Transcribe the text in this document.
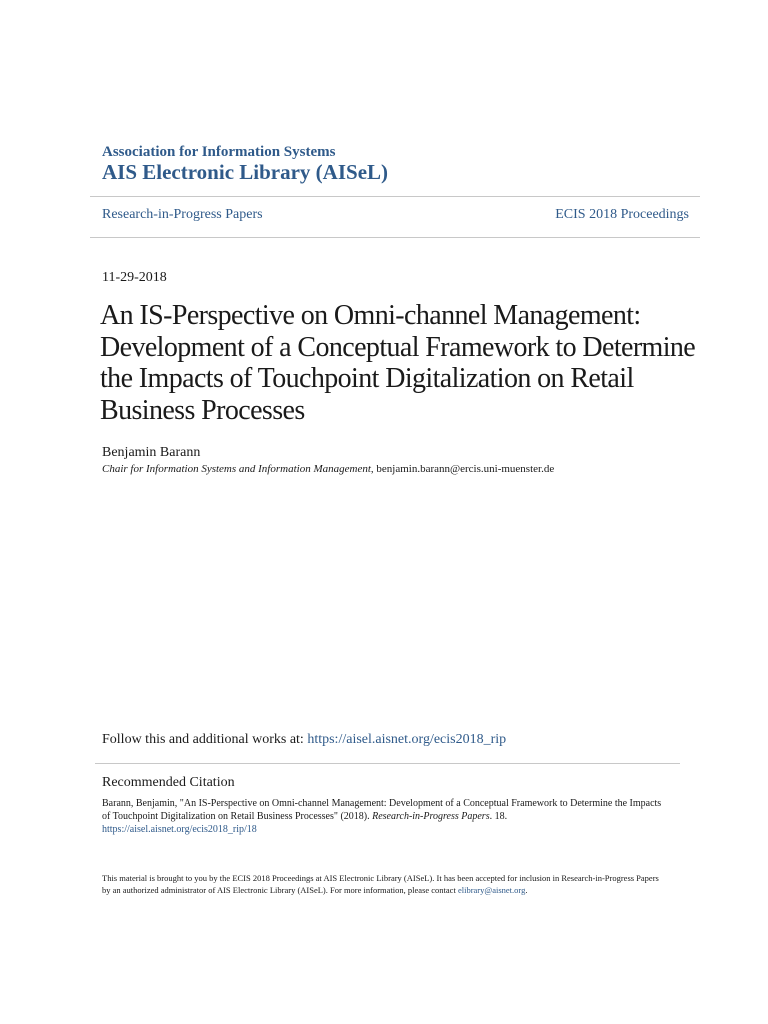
Association for Information Systems
AIS Electronic Library (AISeL)
Research-in-Progress Papers	ECIS 2018 Proceedings
11-29-2018
An IS-Perspective on Omni-channel Management: Development of a Conceptual Framework to Determine the Impacts of Touchpoint Digitalization on Retail Business Processes
Benjamin Barann
Chair for Information Systems and Information Management, benjamin.barann@ercis.uni-muenster.de
Follow this and additional works at: https://aisel.aisnet.org/ecis2018_rip
Recommended Citation
Barann, Benjamin, "An IS-Perspective on Omni-channel Management: Development of a Conceptual Framework to Determine the Impacts of Touchpoint Digitalization on Retail Business Processes" (2018). Research-in-Progress Papers. 18.
https://aisel.aisnet.org/ecis2018_rip/18
This material is brought to you by the ECIS 2018 Proceedings at AIS Electronic Library (AISeL). It has been accepted for inclusion in Research-in-Progress Papers by an authorized administrator of AIS Electronic Library (AISeL). For more information, please contact elibrary@aisnet.org.
